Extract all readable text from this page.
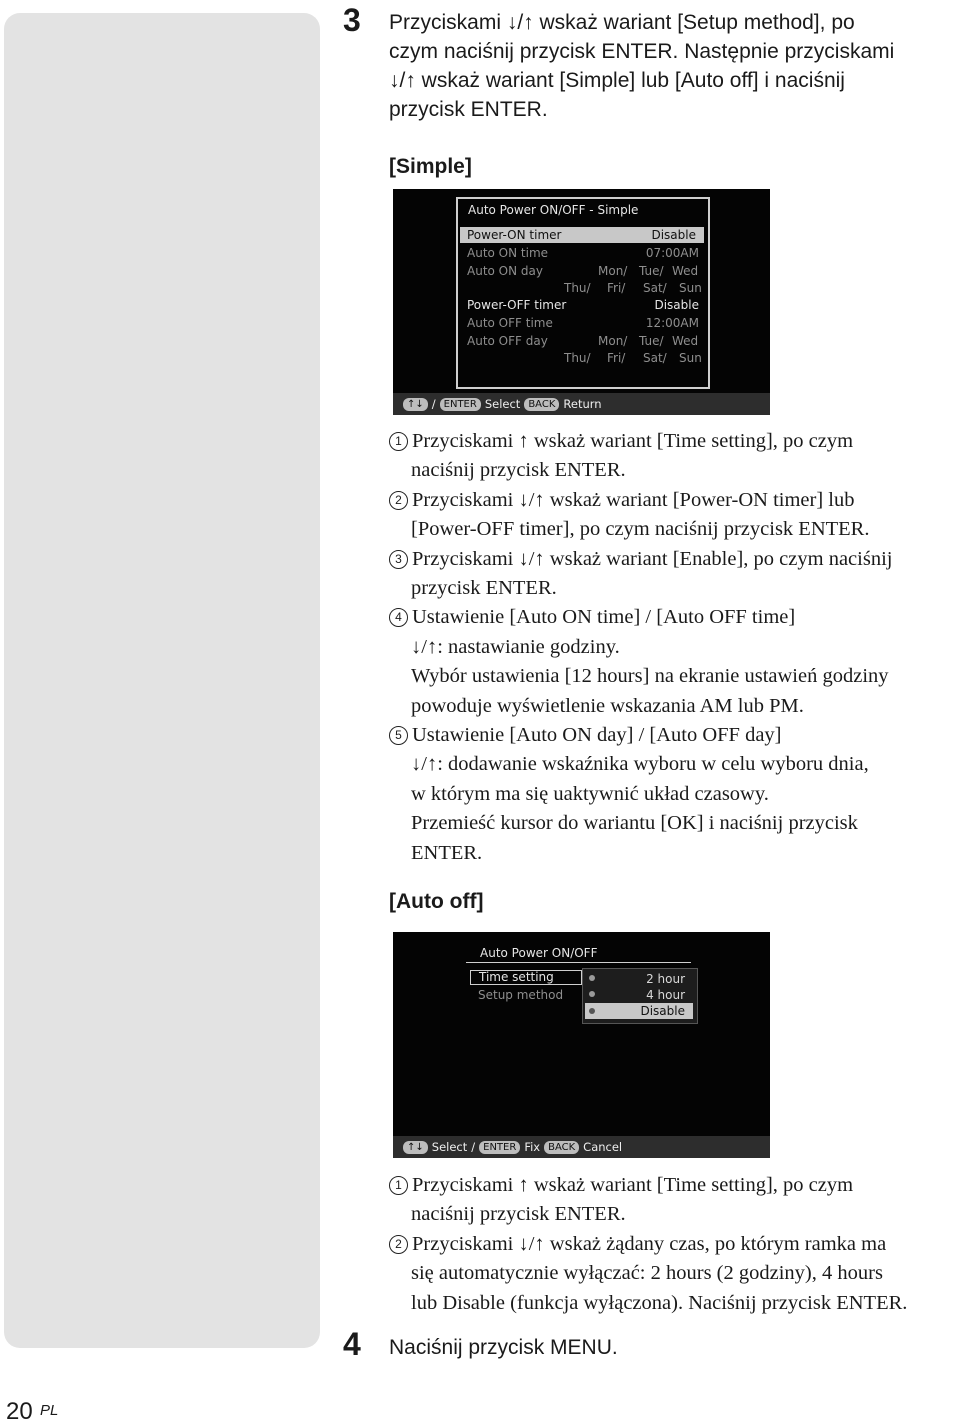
3 Przyciskami ↓/↑ wskaż wariant [Setup method], po
czym naciśnij przycisk ENTER. Następnie przyciskami
↓/↑ wskaż wariant [Simple] lub [Auto off] i naciśnij
przycisk ENTER.
[Simple]
Auto Power ON/OFF - Simple
Power-ON timer	Disable
Auto ON time	07:00AM
Auto ON day	Mon/ Tue/ Wed
Thu/ Fri/ Sat/ Sun
Power-OFF timer	Disable
Auto OFF time	12:00AM
Auto OFF day	Mon/ Tue/ Wed
Thu/ Fri/ Sat/ Sun
↑↓ / ENTER Select BACK Return
1 Przyciskami ↑ wskaż wariant [Time setting], po czym
naciśnij przycisk ENTER.
2 Przyciskami ↓/↑ wskaż wariant [Power-ON timer] lub
[Power-OFF timer], po czym naciśnij przycisk ENTER.
3 Przyciskami ↓/↑ wskaż wariant [Enable], po czym naciśnij
przycisk ENTER.
4 Ustawienie [Auto ON time] / [Auto OFF time]
↓/↑: nastawianie godziny.
Wybór ustawienia [12 hours] na ekranie ustawień godziny
powoduje wyświetlenie wskazania AM lub PM.
5 Ustawienie [Auto ON day] / [Auto OFF day]
↓/↑: dodawanie wskaźnika wyboru w celu wyboru dnia,
w którym ma się uaktywnić układ czasowy.
Przemieść kursor do wariantu [OK] i naciśnij przycisk
ENTER.
[Auto off]
Auto Power ON/OFF
Time setting
Setup method
2 hour
4 hour
Disable
↑↓ Select / ENTER Fix BACK Cancel
1 Przyciskami ↑ wskaż wariant [Time setting], po czym
naciśnij przycisk ENTER.
2 Przyciskami ↓/↑ wskaż żądany czas, po którym ramka ma
się automatycznie wyłączać: 2 hours (2 godziny), 4 hours
lub Disable (funkcja wyłączona). Naciśnij przycisk ENTER.
4 Naciśnij przycisk MENU.
20 PL
